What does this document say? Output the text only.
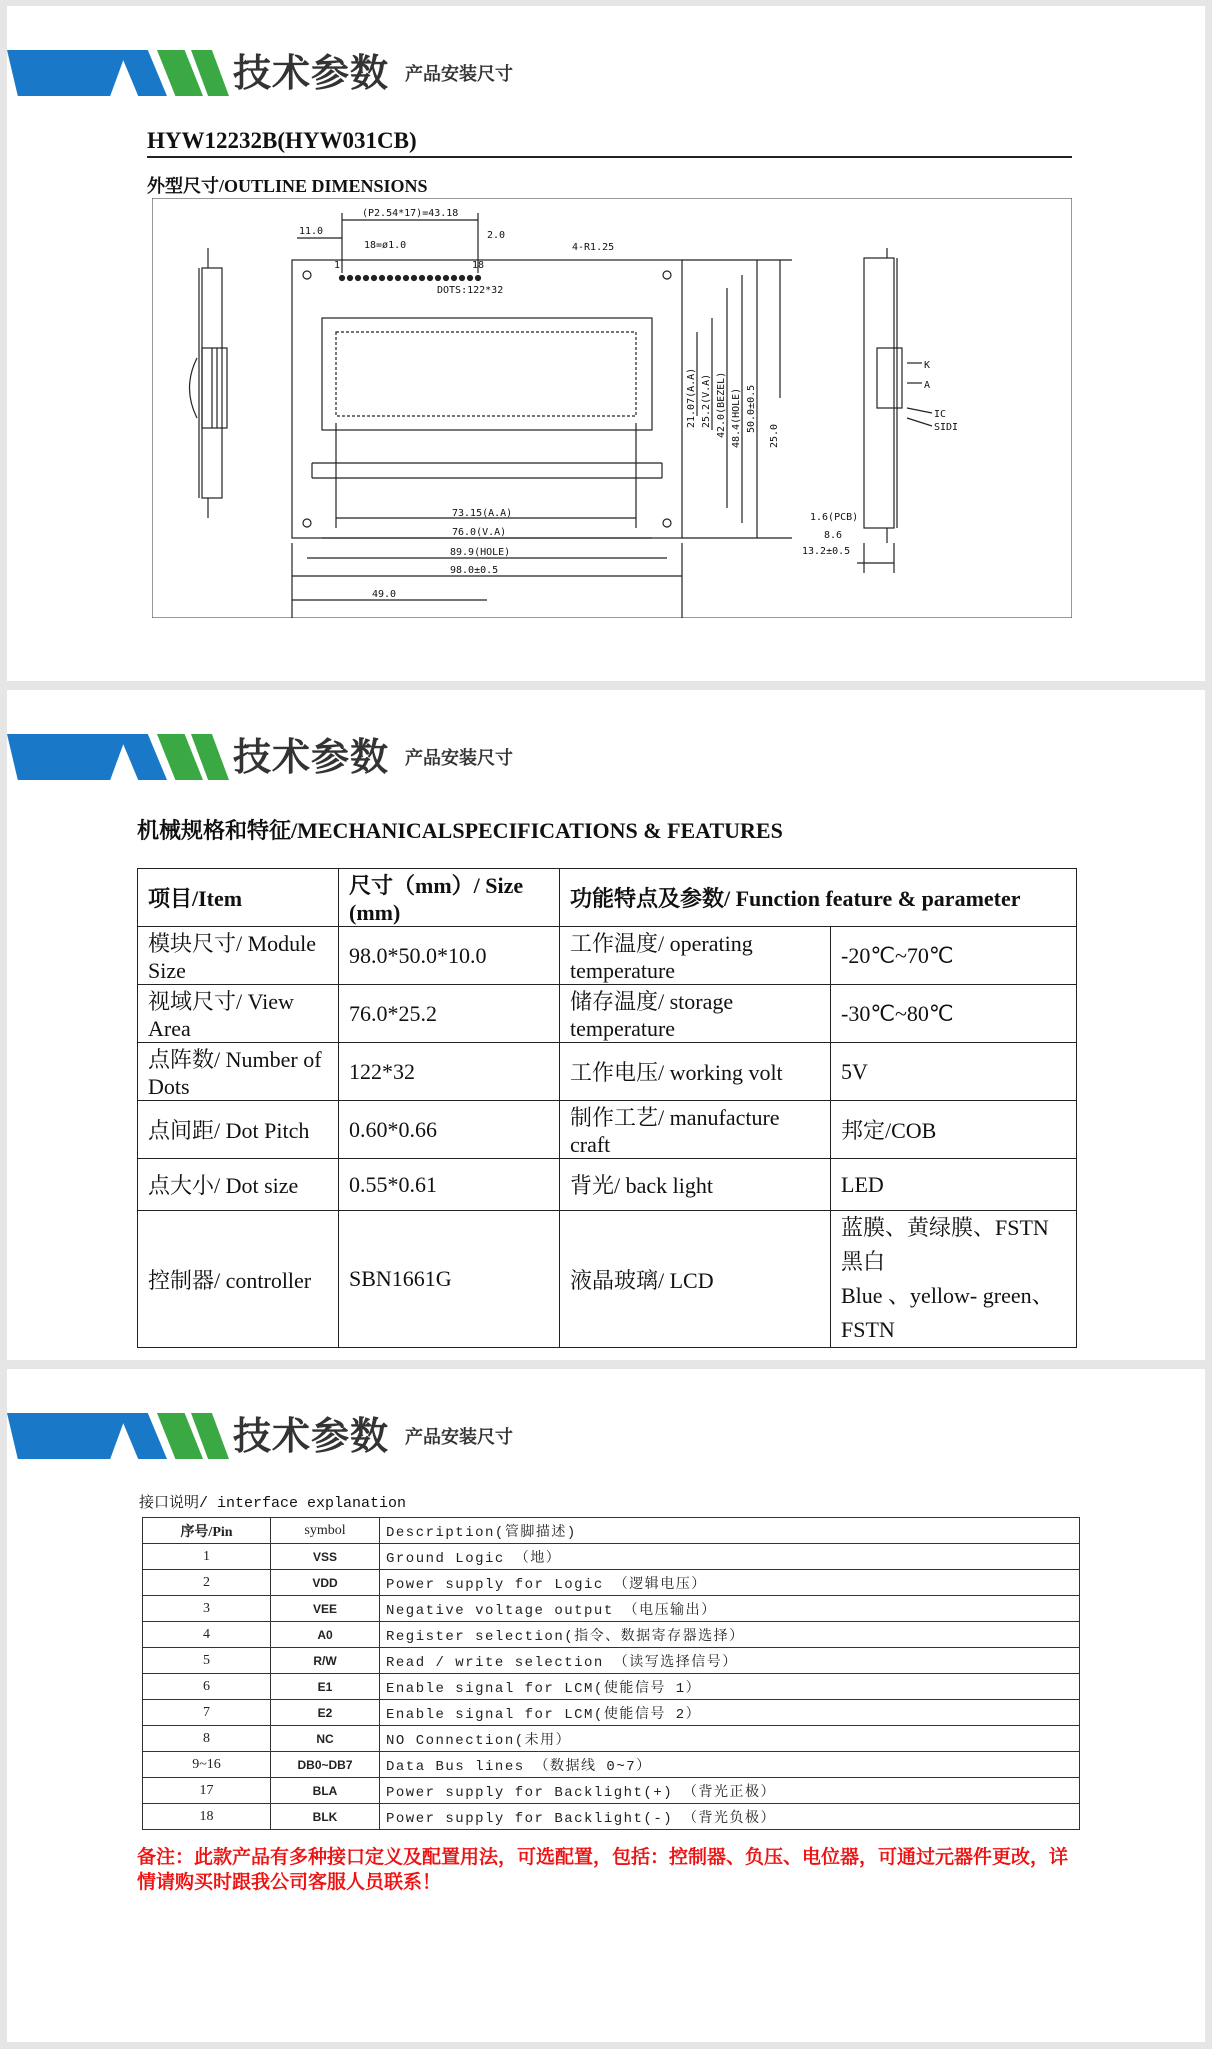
技术参数 产品安装尺寸
HYW12232B(HYW031CB)
外型尺寸/OUTLINE DIMENSIONS
DOTS:122*32
11.0
(P2.54*17)=43.18
18=ø1.0
1	18
2.0
4-R1.25
73.15(A.A)
76.0(V.A)
89.9(HOLE)
98.0±0.5
49.0
21.07(A.A) 25.2(V.A) 42.0(BEZEL) 48.4(HOLE) 50.0±0.5
25.0
K
A
IC
SIDI
1.6(PCB)
8.6
13.2±0.5
技术参数 产品安装尺寸
机械规格和特征/MECHANICALSPECIFICATIONS & FEATURES
项目/Item	尺寸（mm）/ Size (mm)	功能特点及参数/ Function feature & parameter	
模块尺寸/ Module Size	98.0*50.0*10.0	工作温度/ operating temperature	-20℃~70℃
视域尺寸/ View Area	76.0*25.2	储存温度/ storage temperature	-30℃~80℃
点阵数/ Number of Dots	122*32	工作电压/ working volt	5V
点间距/ Dot Pitch	0.60*0.66	制作工艺/ manufacture craft	邦定/COB
点大小/ Dot size	0.55*0.61	背光/ back light	LED
控制器/ controller	SBN1661G	液晶玻璃/ LCD	蓝膜、黄绿膜、FSTN 黑白
Blue 、yellow- green、FSTN
技术参数 产品安装尺寸
接口说明/ interface explanation
序号/Pin	symbol	Description(管脚描述)
1	VSS	Ground Logic （地）
2	VDD	Power supply for Logic （逻辑电压）
3	VEE	Negative voltage output （电压输出）
4	A0	Register selection(指令、数据寄存器选择）
5	R/W	Read / write selection （读写选择信号）
6	E1	Enable signal for LCM(使能信号 1）
7	E2	Enable signal for LCM(使能信号 2）
8	NC	NO Connection(未用）
9~16	DB0~DB7	Data Bus lines （数据线 0~7）
17	BLA	Power supply for Backlight(+) （背光正极）
18	BLK	Power supply for Backlight(-) （背光负极）
备注：此款产品有多种接口定义及配置用法，可选配置，包括：控制器、负压、电位器，可通过元器件更改，详情请购买时跟我公司客服人员联系！
